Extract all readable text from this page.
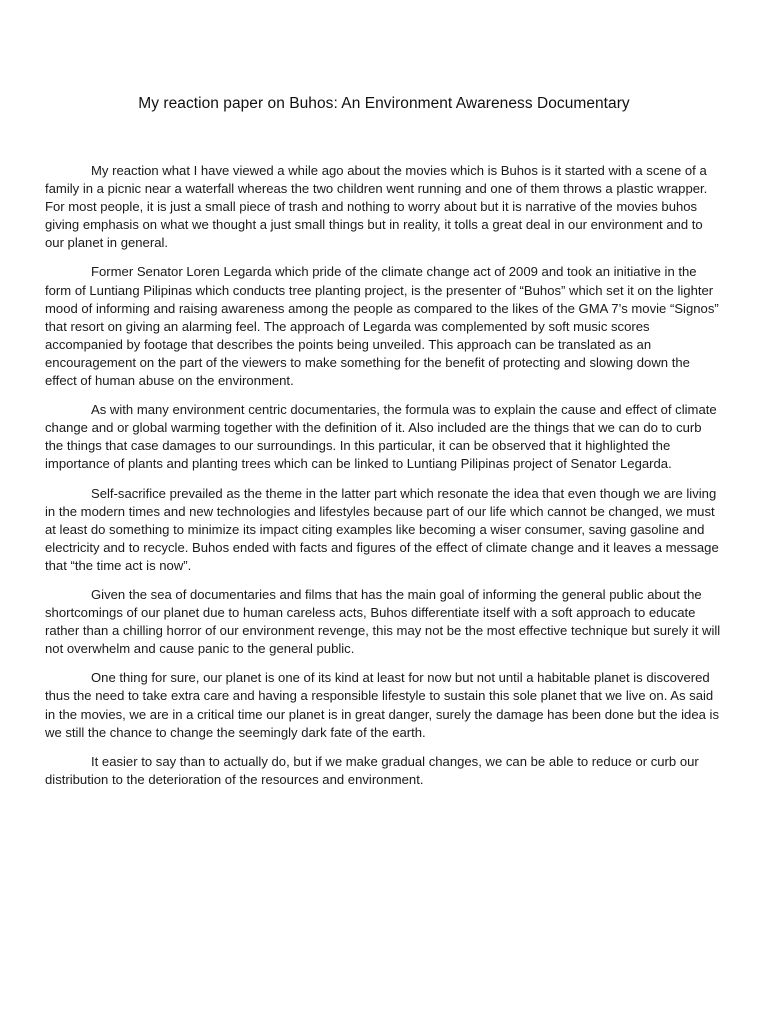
My reaction paper on Buhos: An Environment Awareness Documentary

My reaction what I have viewed a while ago about the movies which is Buhos is it started with a scene of a family in a picnic near a waterfall whereas the two children went running and one of them throws a plastic wrapper. For most people, it is just a small piece of trash and nothing to worry about but it is narrative of the movies buhos giving emphasis on what we thought a just small things but in reality, it tolls a great deal in our environment and to our planet in general.

Former Senator Loren Legarda which pride of the climate change act of 2009 and took an initiative in the form of Luntiang Pilipinas which conducts tree planting project, is the presenter of “Buhos” which set it on the lighter mood of informing and raising awareness among the people as compared to the likes of the GMA 7’s movie “Signos” that resort on giving an alarming feel. The approach of Legarda was complemented by soft music scores accompanied by footage that describes the points being unveiled. This approach can be translated as an encouragement on the part of the viewers to make something for the benefit of protecting and slowing down the effect of human abuse on the environment.

As with many environment centric documentaries, the formula was to explain the cause and effect of climate change and or global warming together with the definition of it. Also included are the things that we can do to curb the things that case damages to our surroundings. In this particular, it can be observed that it highlighted the importance of plants and planting trees which can be linked to Luntiang Pilipinas project of Senator Legarda.

Self-sacrifice prevailed as the theme in the latter part which resonate the idea that even though we are living in the modern times and new technologies and lifestyles because part of our life which cannot be changed, we must at least do something to minimize its impact citing examples like becoming a wiser consumer, saving gasoline and electricity and to recycle. Buhos ended with facts and figures of the effect of climate change and it leaves a message that “the time act is now”.

Given the sea of documentaries and films that has the main goal of informing the general public about the shortcomings of our planet due to human careless acts, Buhos differentiate itself with a soft approach to educate rather than a chilling horror of our environment revenge, this may not be the most effective technique but surely it will not overwhelm and cause panic to the general public.

One thing for sure, our planet is one of its kind at least for now but not until a habitable planet is discovered thus the need to take extra care and having a responsible lifestyle to sustain this sole planet that we live on. As said in the movies, we are in a critical time our planet is in great danger, surely the damage has been done but the idea is we still the chance to change the seemingly dark fate of the earth.

It easier to say than to actually do, but if we make gradual changes, we can be able to reduce or curb our distribution to the deterioration of the resources and environment.
